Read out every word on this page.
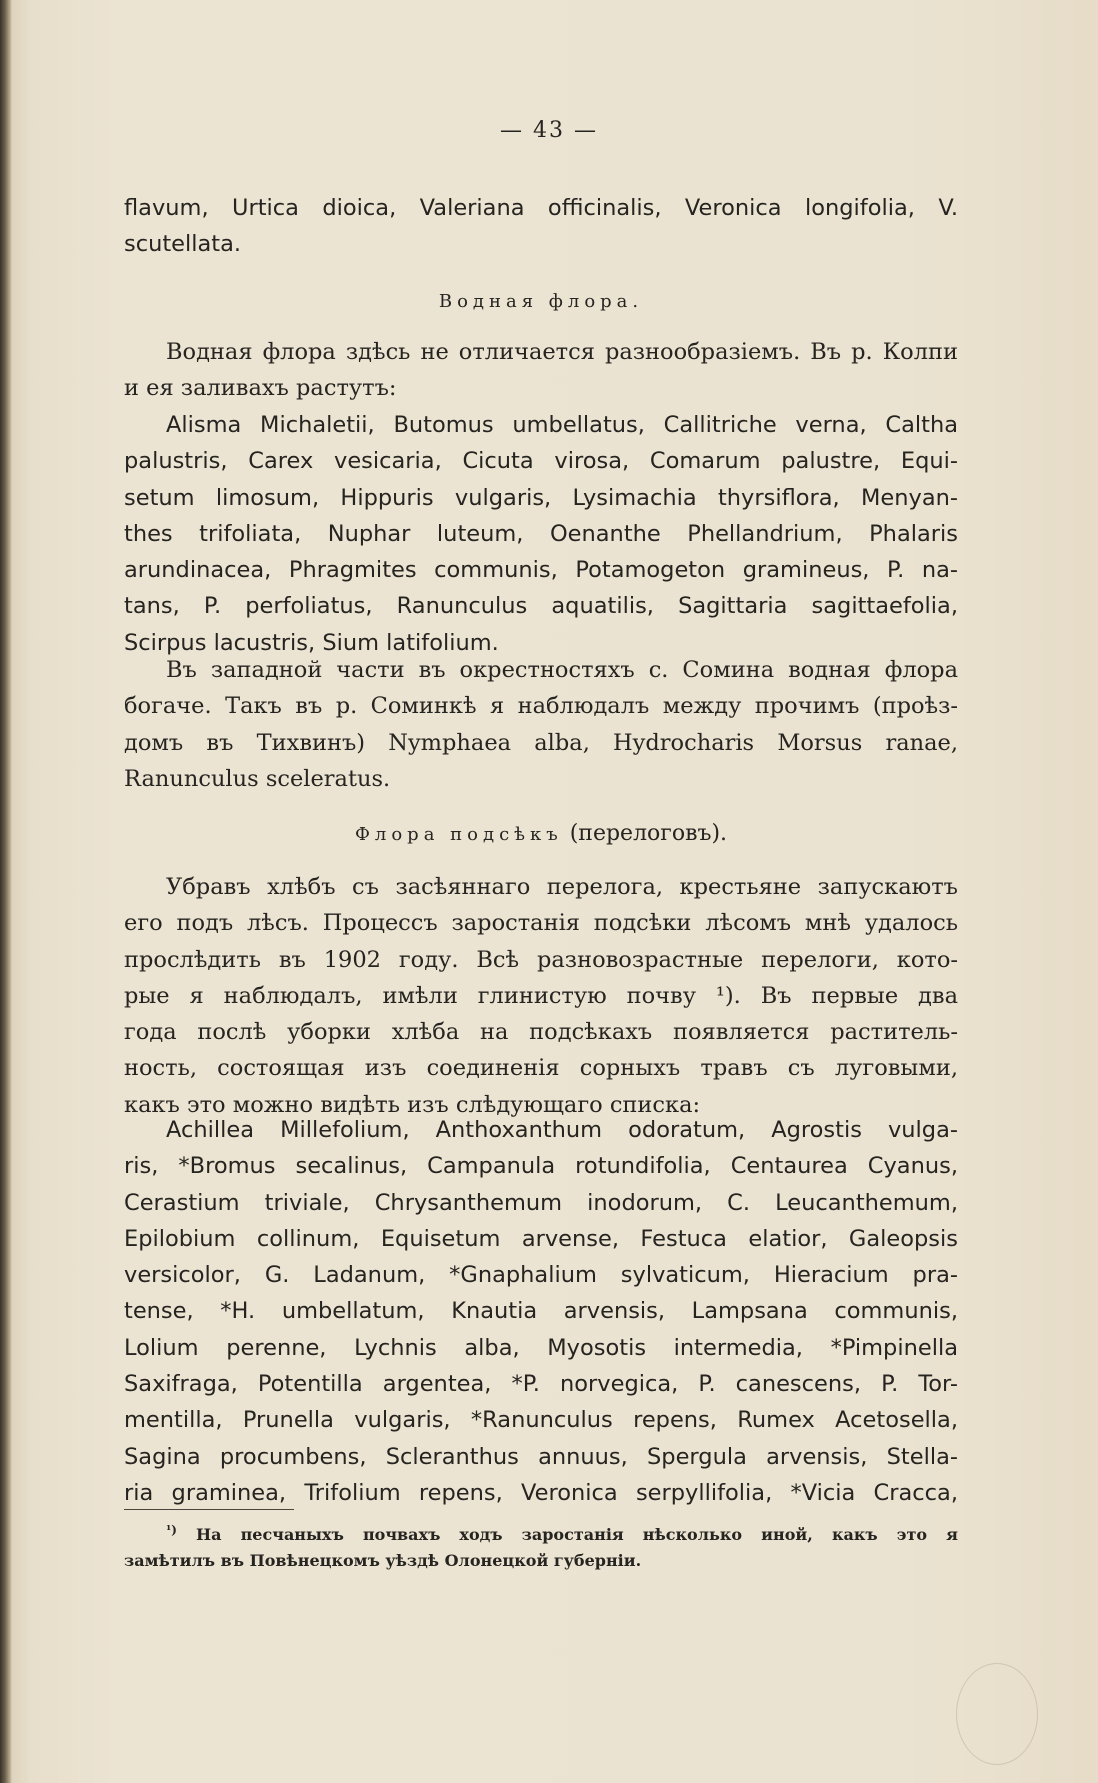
— 43 —
flavum, Urtica dioica, Valeriana officinalis, Veronica longifolia, V.
scutellata.
Водная флора.
Водная флора здѣсь не отличается разнообразіемъ. Въ р. Колпи
и ея заливахъ растутъ:
Alisma Michaletii, Butomus umbellatus, Callitriche verna, Caltha
palustris, Carex vesicaria, Cicuta virosa, Comarum palustre, Equi-
setum limosum, Hippuris vulgaris, Lysimachia thyrsiflora, Menyan-
thes trifoliata, Nuphar luteum, Oenanthe Phellandrium, Phalaris
arundinacea, Phragmites communis, Potamogeton gramineus, P. na-
tans, P. perfoliatus, Ranunculus aquatilis, Sagittaria sagittaefolia,
Scirpus lacustris, Sium latifolium.
Въ западной части въ окрестностяхъ с. Сомина водная флора
богаче. Такъ въ р. Соминкѣ я наблюдалъ между прочимъ (проѣз-
домъ въ Тихвинъ) Nymphaea alba, Hydrocharis Morsus ranae,
Ranunculus sceleratus.
Флора подсѣкъ (перелоговъ).
Убравъ хлѣбъ съ засѣяннаго перелога, крестьяне запускаютъ
его подъ лѣсъ. Процессъ заростанія подсѣки лѣсомъ мнѣ удалось
прослѣдить въ 1902 году. Всѣ разновозрастные перелоги, кото-
рые я наблюдалъ, имѣли глинистую почву ¹). Въ первые два
года послѣ уборки хлѣба на подсѣкахъ появляется раститель-
ность, состоящая изъ соединенія сорныхъ травъ съ луговыми,
какъ это можно видѣть изъ слѣдующаго списка:
Achillea Millefolium, Anthoxanthum odoratum, Agrostis vulga-
ris, *Bromus secalinus, Campanula rotundifolia, Centaurea Cyanus,
Cerastium triviale, Chrysanthemum inodorum, C. Leucanthemum,
Epilobium collinum, Equisetum arvense, Festuca elatior, Galeopsis
versicolor, G. Ladanum, *Gnaphalium sylvaticum, Hieracium pra-
tense, *H. umbellatum, Knautia arvensis, Lampsana communis,
Lolium perenne, Lychnis alba, Myosotis intermedia, *Pimpinella
Saxifraga, Potentilla argentea, *P. norvegica, P. canescens, P. Tor-
mentilla, Prunella vulgaris, *Ranunculus repens, Rumex Acetosella,
Sagina procumbens, Scleranthus annuus, Spergula arvensis, Stella-
ria graminea, Trifolium repens, Veronica serpyllifolia, *Vicia Cracca,
$^{^1)}$ На песчаныхъ почвахъ ходъ заростанія нѣсколько иной, какъ это я
замѣтилъ въ Повѣнецкомъ уѣздѣ Олонецкой губерніи.
